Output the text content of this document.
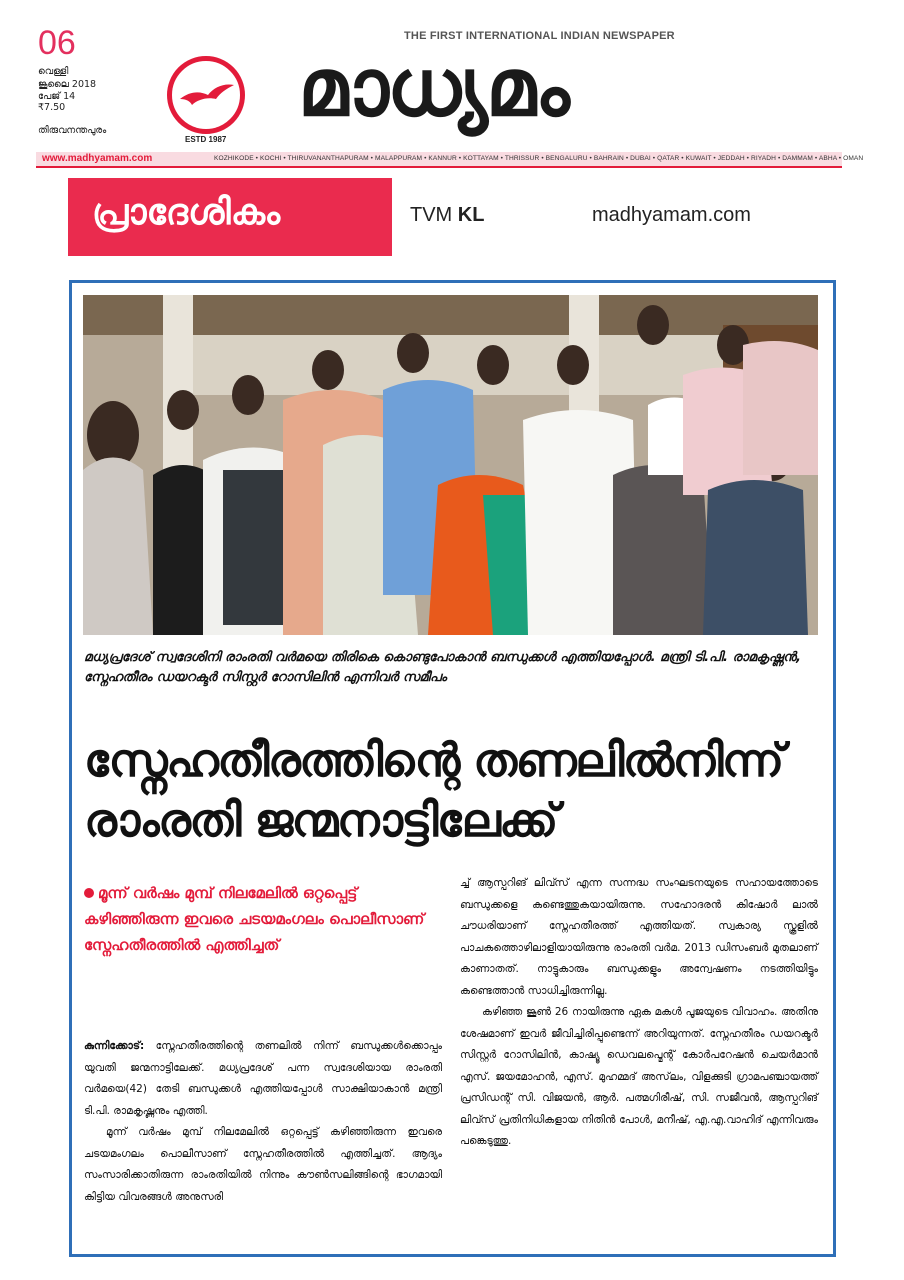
06
വെള്ളി
ജൂലൈ 2018
പേജ് 14
₹7.50
തിരുവനന്തപുരം
THE FIRST INTERNATIONAL INDIAN NEWSPAPER
ESTD 1987
മാധ്യമം
www.madhyamam.com	KOZHIKODE • KOCHI • THIRUVANANTHAPURAM • MALAPPURAM • KANNUR • KOTTAYAM • THRISSUR • BENGALURU • BAHRAIN • DUBAI • QATAR • KUWAIT • JEDDAH • RIYADH • DAMMAM • ABHA • OMAN
പ്രാദേശികം	TVM KL	madhyamam.com
മധ്യപ്രദേശ് സ്വദേശിനി രാംരതി വർമയെ തിരികെ കൊണ്ടുപോകാൻ ബന്ധുക്കൾ എത്തിയപ്പോൾ. മന്ത്രി ടി.പി. രാമകൃഷ്ണൻ, സ്നേഹതീരം ഡയറക്ടർ സിസ്റ്റർ റോസിലിൻ എന്നിവർ സമീപം
സ്നേഹതീരത്തിന്റെ തണലിൽനിന്ന്
രാംരതി ജന്മനാട്ടിലേക്ക്
മൂന്ന് വർഷം മുമ്പ് നിലമേലിൽ ഒറ്റപ്പെട്ട് കഴിഞ്ഞിരുന്ന ഇവരെ ചടയമംഗലം പൊലീസാണ് സ്നേഹതീരത്തിൽ എത്തിച്ചത്

കുന്നിക്കോട്: സ്നേഹതീരത്തിന്റെ തണലിൽ നിന്ന് ബന്ധുക്കൾക്കൊപ്പം യുവതി ജന്മനാട്ടിലേക്ക്. മധ്യപ്രദേശ് പന്ന സ്വദേശിയായ രാംരതി വർമയെ(42) തേടി ബന്ധുക്കൾ എത്തിയപ്പോൾ സാക്ഷിയാകാൻ മന്ത്രി ടി.പി. രാമകൃഷ്ണനും എത്തി.

മൂന്ന് വർഷം മുമ്പ് നിലമേലിൽ ഒറ്റപ്പെട്ട് കഴിഞ്ഞിരുന്ന ഇവരെ ചടയമംഗലം പൊലീസാണ് സ്നേഹതീരത്തിൽ എത്തിച്ചത്. ആദ്യം സംസാരിക്കാതിരുന്ന രാംരതിയിൽ നിന്നും കൗൺസലിങ്ങിന്റെ ഭാഗമായി കിട്ടിയ വിവരങ്ങൾ അനുസരി

ച്ച് ആസ്പറിങ് ലിവ്സ് എന്ന സന്നദ്ധ സംഘടനയുടെ സഹായത്തോടെ ബന്ധുക്കളെ കണ്ടെത്തുകയായിരുന്നു. സഹോദരൻ കിഷോർ ലാൽ ചൗധരിയാണ് സ്നേഹതീരത്ത് എത്തിയത്. സ്വകാര്യ സ്കൂളിൽ പാചകത്തൊഴിലാളിയായിരുന്നു രാംരതി വർമ. 2013 ഡിസംബർ മുതലാണ് കാണാതത്. നാട്ടുകാരും ബന്ധുക്കളും അന്വേഷണം നടത്തിയിട്ടും കണ്ടെത്താൻ സാധിച്ചിരുന്നില്ല.

കഴിഞ്ഞ ജൂൺ 26 നായിരുന്നു ഏക മകൾ പൂജയുടെ വിവാഹം. അതിനു ശേഷമാണ് ഇവർ ജീവിച്ചിരിപ്പുണ്ടെന്ന് അറിയുന്നത്. സ്നേഹതീരം ഡയറക്ടർ സിസ്റ്റർ റോസിലിൻ, കാഷ്യൂ ഡെവലപ്മെന്റ് കോർപറേഷൻ ചെയർമാൻ എസ്. ജയമോഹൻ, എസ്. മുഹമ്മദ് അസ്‌ലം, വിളക്കുടി ഗ്രാമപഞ്ചായത്ത് പ്രസിഡന്റ് സി. വിജയൻ, ആർ. പത്മഗിരീഷ്, സി. സജീവൻ, ആസ്പറിങ് ലിവ്സ് പ്രതിനിധികളായ നിതിൻ പോൾ, മനീഷ്, എ.എ.വാഹിദ് എന്നിവരും പങ്കെടുത്തു.
